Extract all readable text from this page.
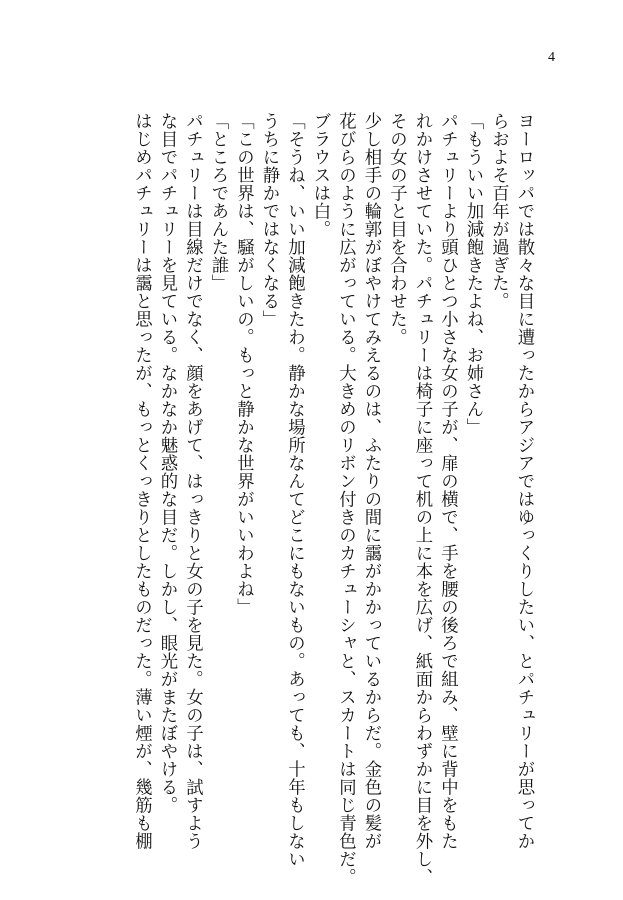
4
ヨーロッパでは散々な目に遭ったからアジアではゆっくりしたい、とパチュリーが思ってか
らおよそ百年が過ぎた。
「もういい加減飽きたよね、お姉さん」
パチュリーより頭ひとつ小さな女の子が、扉の横で、手を腰の後ろで組み、壁に背中をもた
れかけさせていた。パチュリーは椅子に座って机の上に本を広げ、紙面からわずかに目を外し、
その女の子と目を合わせた。
少し相手の輪郭がぼやけてみえるのは、ふたりの間に靄がかかっているからだ。金色の髪が
花びらのように広がっている。大きめのリボン付きのカチューシャと、スカートは同じ青色だ。
ブラウスは白。
「そうね、いい加減飽きたわ。静かな場所なんてどこにもないもの。あっても、十年もしない
うちに静かではなくなる」
「この世界は、騒がしいの。もっと静かな世界がいいわよね」
「ところであんた誰」
パチュリーは目線だけでなく、顔をあげて、はっきりと女の子を見た。女の子は、試すよう
な目でパチュリーを見ている。なかなか魅惑的な目だ。しかし、眼光がまたぼやける。
はじめパチュリーは靄と思ったが、もっとくっきりとしたものだった。薄い煙が、幾筋も棚
